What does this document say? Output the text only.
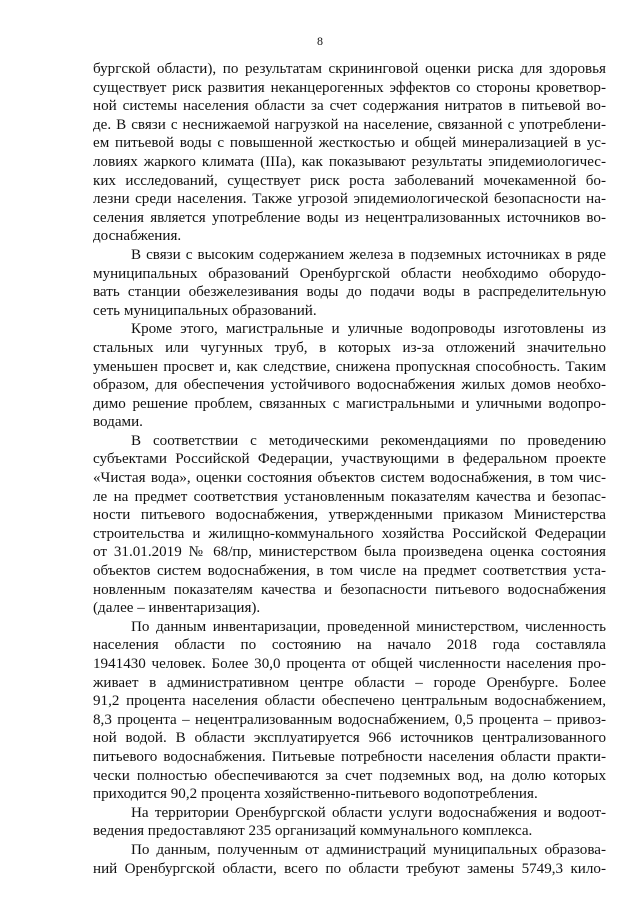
8
бургской области), по результатам скрининговой оценки риска для здоровья
существует риск развития неканцерогенных эффектов со стороны кроветвор-
ной системы населения области за счет содержания нитратов в питьевой во-
де. В связи с неснижаемой нагрузкой на население, связанной с употреблени-
ем питьевой воды с повышенной жесткостью и общей минерализацией в ус-
ловиях жаркого климата (IIIа), как показывают результаты эпидемиологичес-
ких исследований, существует риск роста заболеваний мочекаменной бо-
лезни среди населения. Также угрозой эпидемиологической безопасности на-
селения является употребление воды из нецентрализованных источников во-
доснабжения.
В связи с высоким содержанием железа в подземных источниках в ряде
муниципальных образований Оренбургской области необходимо оборудо-
вать станции обезжелезивания воды до подачи воды в распределительную
сеть муниципальных образований.
Кроме этого, магистральные и уличные водопроводы изготовлены из
стальных или чугунных труб, в которых из-за отложений значительно
уменьшен просвет и, как следствие, снижена пропускная способность. Таким
образом, для обеспечения устойчивого водоснабжения жилых домов необхо-
димо решение проблем, связанных с магистральными и уличными водопро-
водами.
В соответствии с методическими рекомендациями по проведению
субъектами Российской Федерации, участвующими в федеральном проекте
«Чистая вода», оценки состояния объектов систем водоснабжения, в том чис-
ле на предмет соответствия установленным показателям качества и безопас-
ности питьевого водоснабжения, утвержденными приказом Министерства
строительства и жилищно-коммунального хозяйства Российской Федерации
от 31.01.2019 № 68/пр, министерством была произведена оценка состояния
объектов систем водоснабжения, в том числе на предмет соответствия уста-
новленным показателям качества и безопасности питьевого водоснабжения
(далее – инвентаризация).
По данным инвентаризации, проведенной министерством, численность
населения области по состоянию на начало 2018 года составляла
1941430 человек. Более 30,0 процента от общей численности населения про-
живает в административном центре области – городе Оренбурге. Более
91,2 процента населения области обеспечено центральным водоснабжением,
8,3 процента – нецентрализованным водоснабжением, 0,5 процента – привоз-
ной водой. В области эксплуатируется 966 источников централизованного
питьевого водоснабжения. Питьевые потребности населения области практи-
чески полностью обеспечиваются за счет подземных вод, на долю которых
приходится 90,2 процента хозяйственно-питьевого водопотребления.
На территории Оренбургской области услуги водоснабжения и водоот-
ведения предоставляют 235 организаций коммунального комплекса.
По данным, полученным от администраций муниципальных образова-
ний Оренбургской области, всего по области требуют замены 5749,3 кило-
